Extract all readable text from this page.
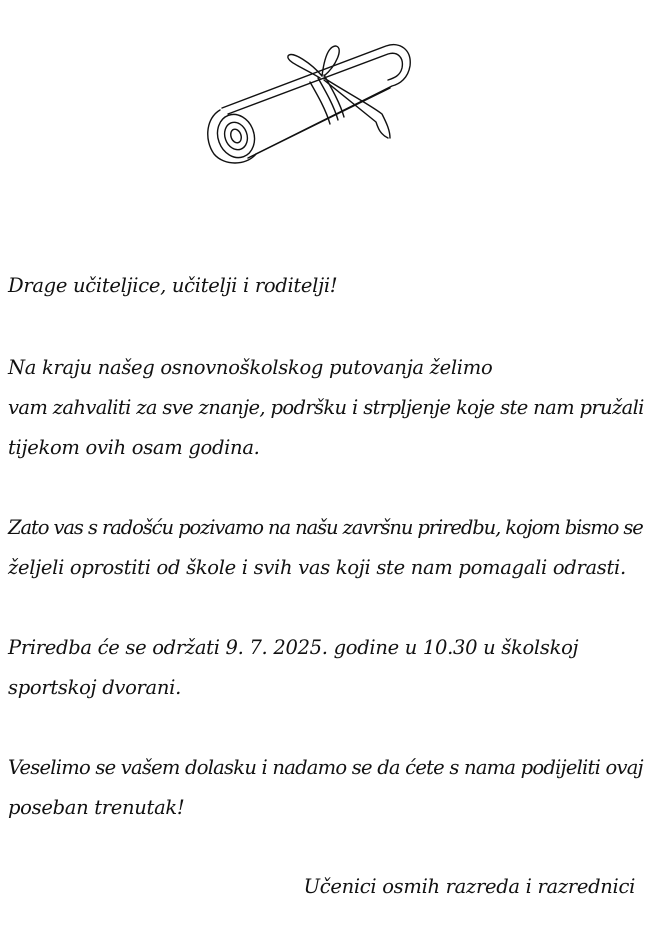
Drage učiteljice, učitelji i roditelji!
Na kraju našeg osnovnoškolskog putovanja želimo
vam zahvaliti za sve znanje, podršku i strpljenje koje ste nam pružali
tijekom ovih osam godina.
Zato vas s radošću pozivamo na našu završnu priredbu, kojom bismo se
željeli oprostiti od škole i svih vas koji ste nam pomagali odrasti.
Priredba će se održati 9. 7. 2025. godine u 10.30 u školskoj
sportskoj dvorani.
Veselimo se vašem dolasku i nadamo se da ćete s nama podijeliti ovaj
poseban trenutak!
Učenici osmih razreda i razrednici
